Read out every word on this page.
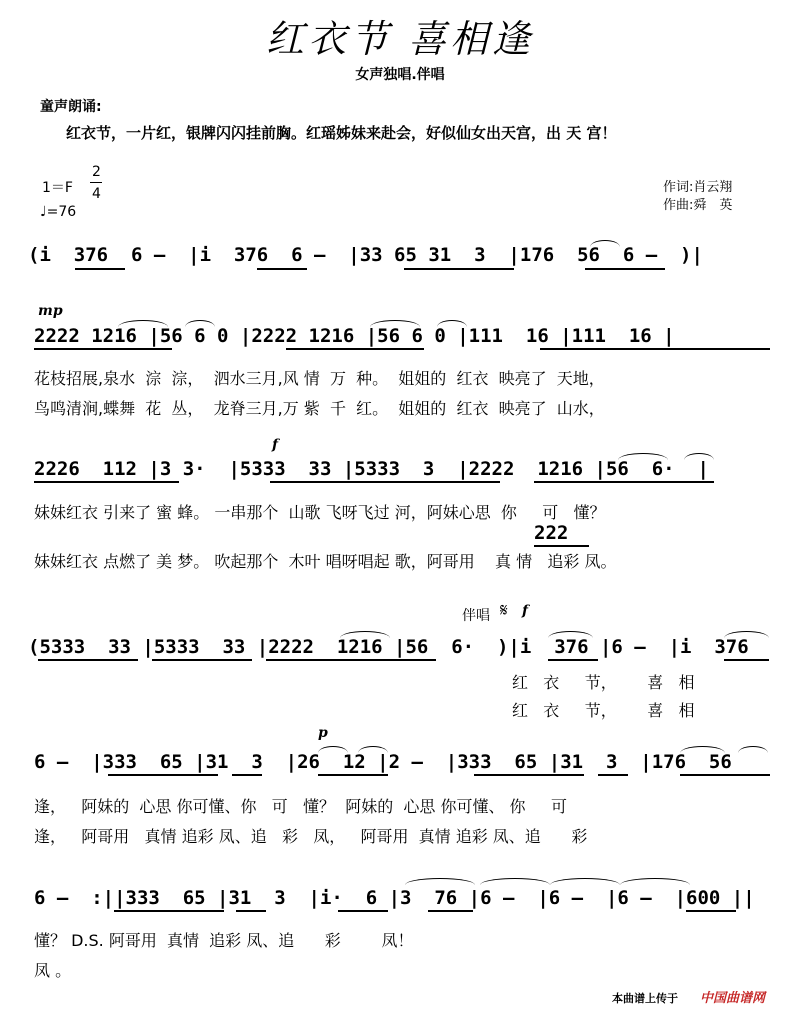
红衣节 喜相逢
女声独唱.伴唱
童声朗诵:
红衣节，一片红，银牌闪闪挂前胸。红瑶姊妹来赴会，好似仙女出天宫，出 天 宫！
1＝F
2
4
♩=76
作词:肖云翔
作曲:舜　英
(i  376  6 –  |i  376  6 –  |33 65 31  3  |176  56  6 –  )|
mp
2222 1216 |56 6 0 |2222 1216 |56 6 0 |111  16 |111  16 |
花枝招展,泉水  淙  淙，  泗水三月,风 情  万  种。  姐姐的  红衣  映亮了  天地，
鸟鸣清涧,蝶舞  花  丛，  龙脊三月,万 紫  千  红。  姐姐的  红衣  映亮了  山水，
f
2226  112 |3 3·  |5333  33 |5333  3  |2222  1216 |56  6·  |
妹妹红衣 引来了 蜜 蜂。 一串那个  山歌 飞呀飞过 河，阿妹心思  你     可   懂？
222
妹妹红衣 点燃了 美 梦。 吹起那个  木叶 唱呀唱起 歌，阿哥用    真 情   追彩 凤。
伴唱 f
𝄋
(5333  33 |5333  33 |2222  1216 |56  6·  )|i  376 |6 –  |i  376
红   衣     节，      喜   相
红   衣     节，      喜   相
p
6 –  |333  65 |31  3  |26  12 |2 –  |333  65 |31  3  |176  56
逢，   阿妹的  心思 你可懂、你   可   懂？  阿妹的  心思 你可懂、 你     可
逢，   阿哥用   真情 追彩 凤、追   彩   凤，   阿哥用  真情 追彩 凤、追      彩
6 –  :||333  65 |31  3  |i·  6 |3  76 |6 –  |6 –  |6 –  |600 ||
懂？ D.S. 阿哥用  真情  追彩 凤、追      彩        凤！
凤 。
本曲谱上传于 中国曲谱网
